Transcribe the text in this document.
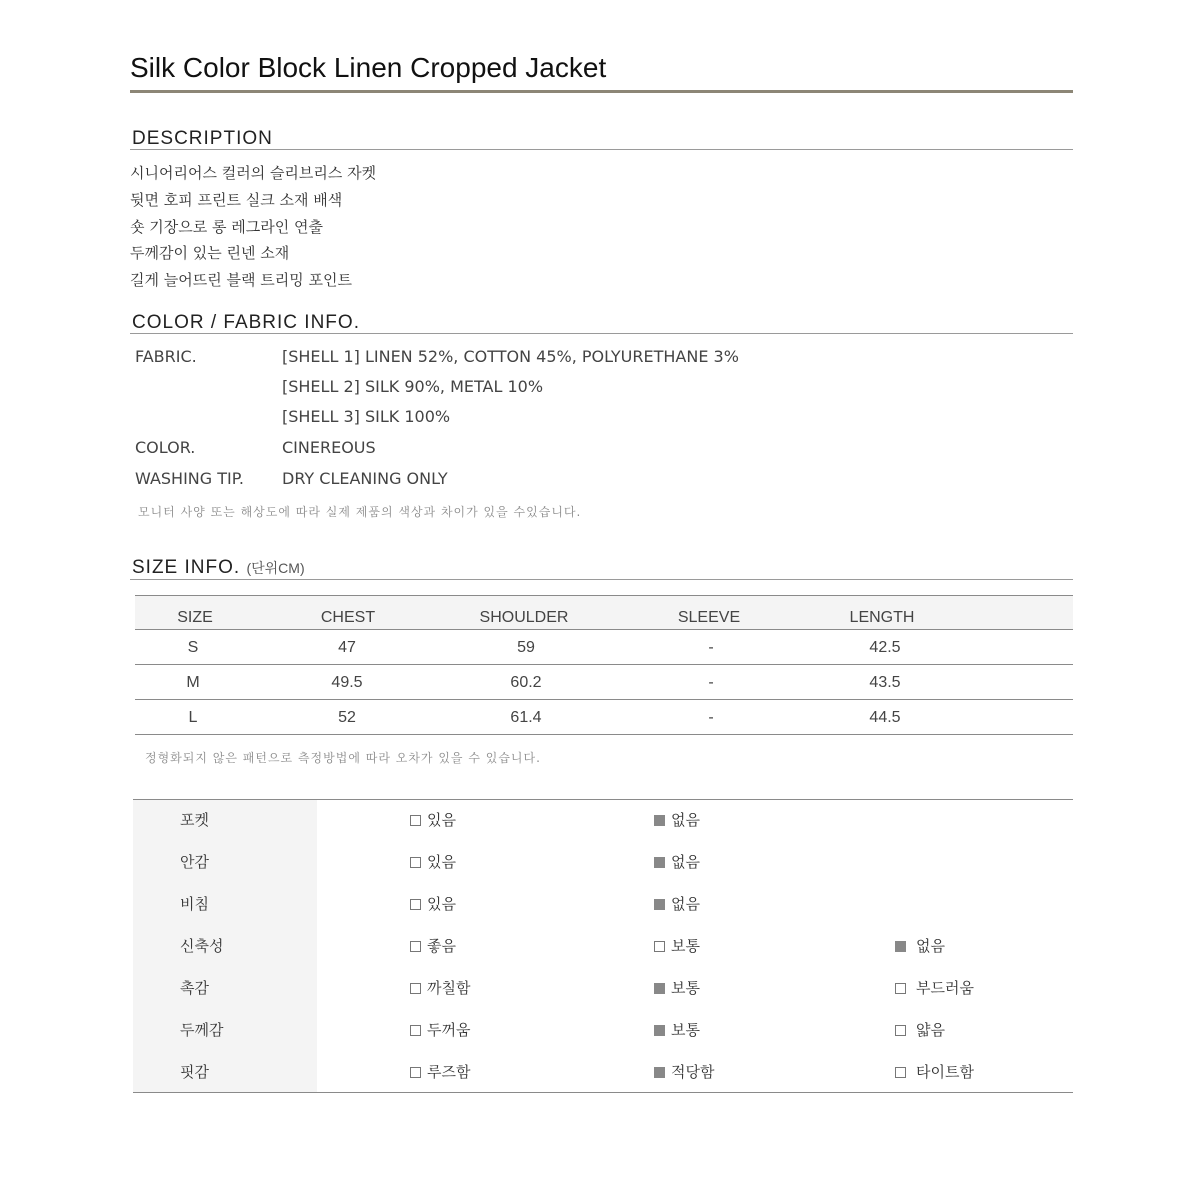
Silk Color Block Linen Cropped Jacket
DESCRIPTION
시니어리어스 컬러의 슬리브리스 자켓
뒷면 호피 프린트 실크 소재 배색
숏 기장으로 롱 레그라인 연출
두께감이 있는 린넨 소재
길게 늘어뜨린 블랙 트리밍 포인트
COLOR / FABRIC INFO.
FABRIC.	[SHELL 1] LINEN 52%, COTTON 45%, POLYURETHANE 3%
[SHELL 2] SILK 90%, METAL 10%
[SHELL 3] SILK 100%
COLOR.	CINEREOUS
WASHING TIP. DRY CLEANING ONLY
모니터 사양 또는 해상도에 따라 실제 제품의 색상과 차이가 있을 수있습니다.
SIZE INFO. (단위CM)
SIZE	CHEST	SHOULDER	SLEEVE	LENGTH
S	47	59	-	42.5
M	49.5	60.2	-	43.5
L	52	61.4	-	44.5
정형화되지 않은 패턴으로 측정방법에 따라 오차가 있을 수 있습니다.
포켓	있음	없음
안감	있음	없음
비침	있음	없음
신축성	좋음	보통	없음
촉감	까칠함	보통	부드러움
두께감	두꺼움	보통	얇음
핏감	루즈함	적당함	타이트함
